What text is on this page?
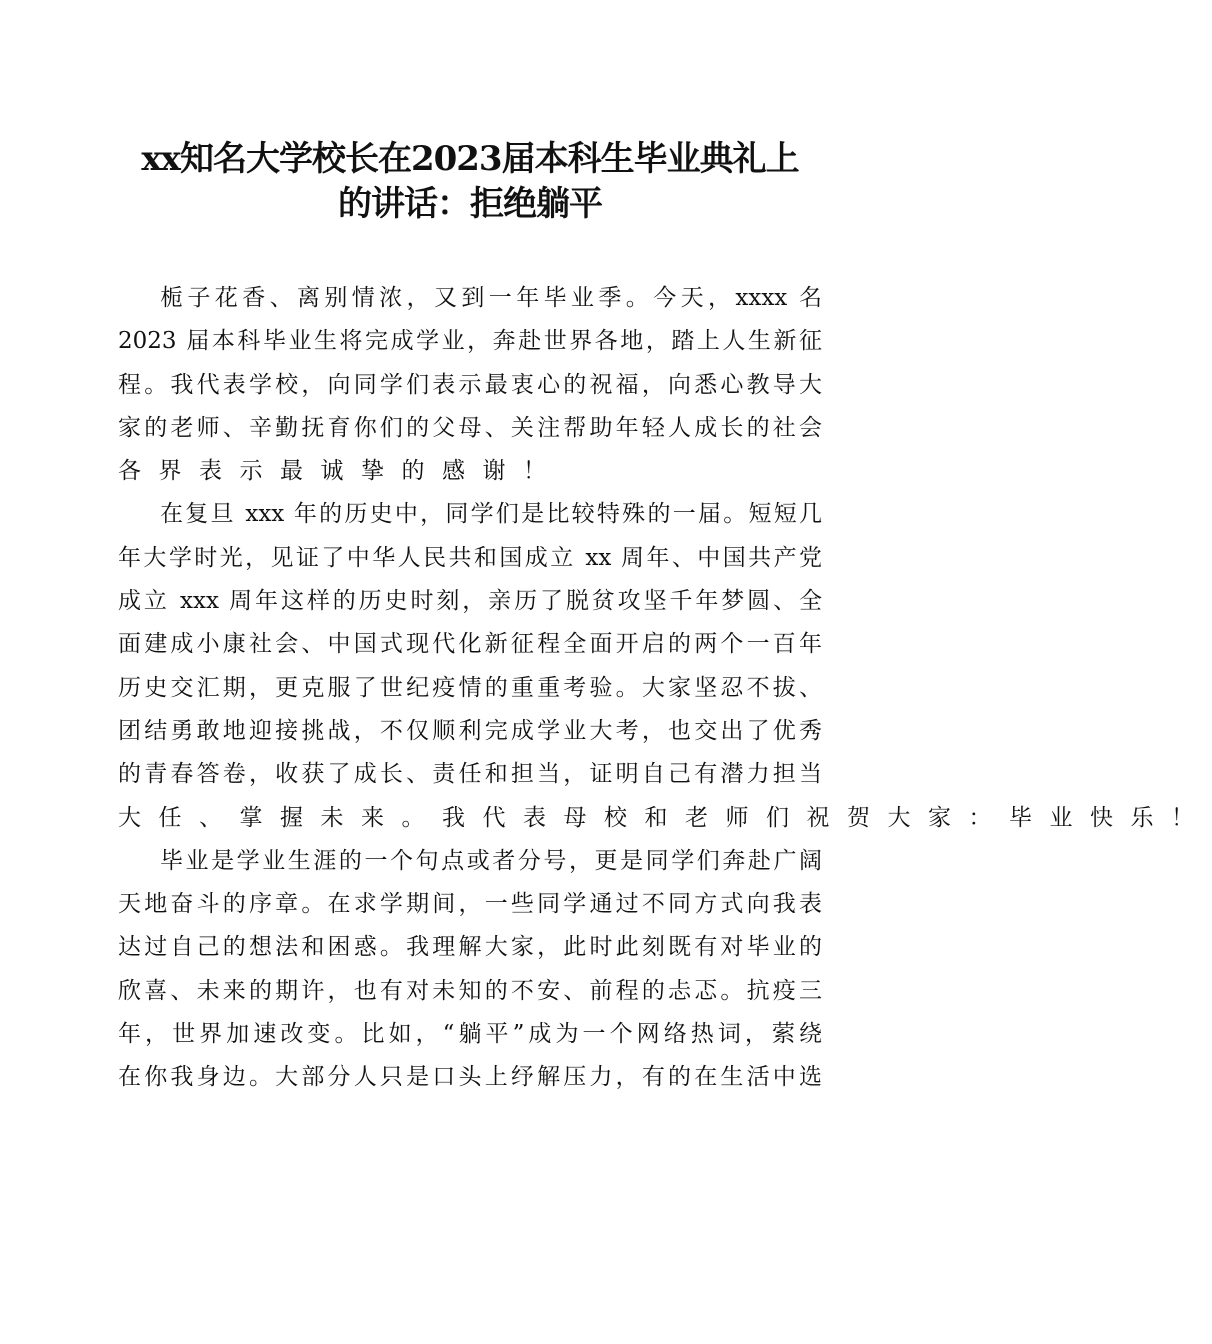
xx知名大学校长在2023届本科生毕业典礼上
的讲话：拒绝躺平
栀子花香、离别情浓，又到一年毕业季。今天，xxxx 名
2023 届本科毕业生将完成学业，奔赴世界各地，踏上人生新征
程。我代表学校，向同学们表示最衷心的祝福，向悉心教导大
家的老师、辛勤抚育你们的父母、关注帮助年轻人成长的社会
各界表示最诚挚的感谢！
在复旦 xxx 年的历史中，同学们是比较特殊的一届。短短几
年大学时光，见证了中华人民共和国成立 xx 周年、中国共产党
成立 xxx 周年这样的历史时刻，亲历了脱贫攻坚千年梦圆、全
面建成小康社会、中国式现代化新征程全面开启的两个一百年
历史交汇期，更克服了世纪疫情的重重考验。大家坚忍不拔、
团结勇敢地迎接挑战，不仅顺利完成学业大考，也交出了优秀
的青春答卷，收获了成长、责任和担当，证明自己有潜力担当
大任、掌握未来。我代表母校和老师们祝贺大家：毕业快乐！
毕业是学业生涯的一个句点或者分号，更是同学们奔赴广阔
天地奋斗的序章。在求学期间，一些同学通过不同方式向我表
达过自己的想法和困惑。我理解大家，此时此刻既有对毕业的
欣喜、未来的期许，也有对未知的不安、前程的忐忑。抗疫三
年，世界加速改变。比如，“躺平”成为一个网络热词，萦绕
在你我身边。大部分人只是口头上纾解压力，有的在生活中选
